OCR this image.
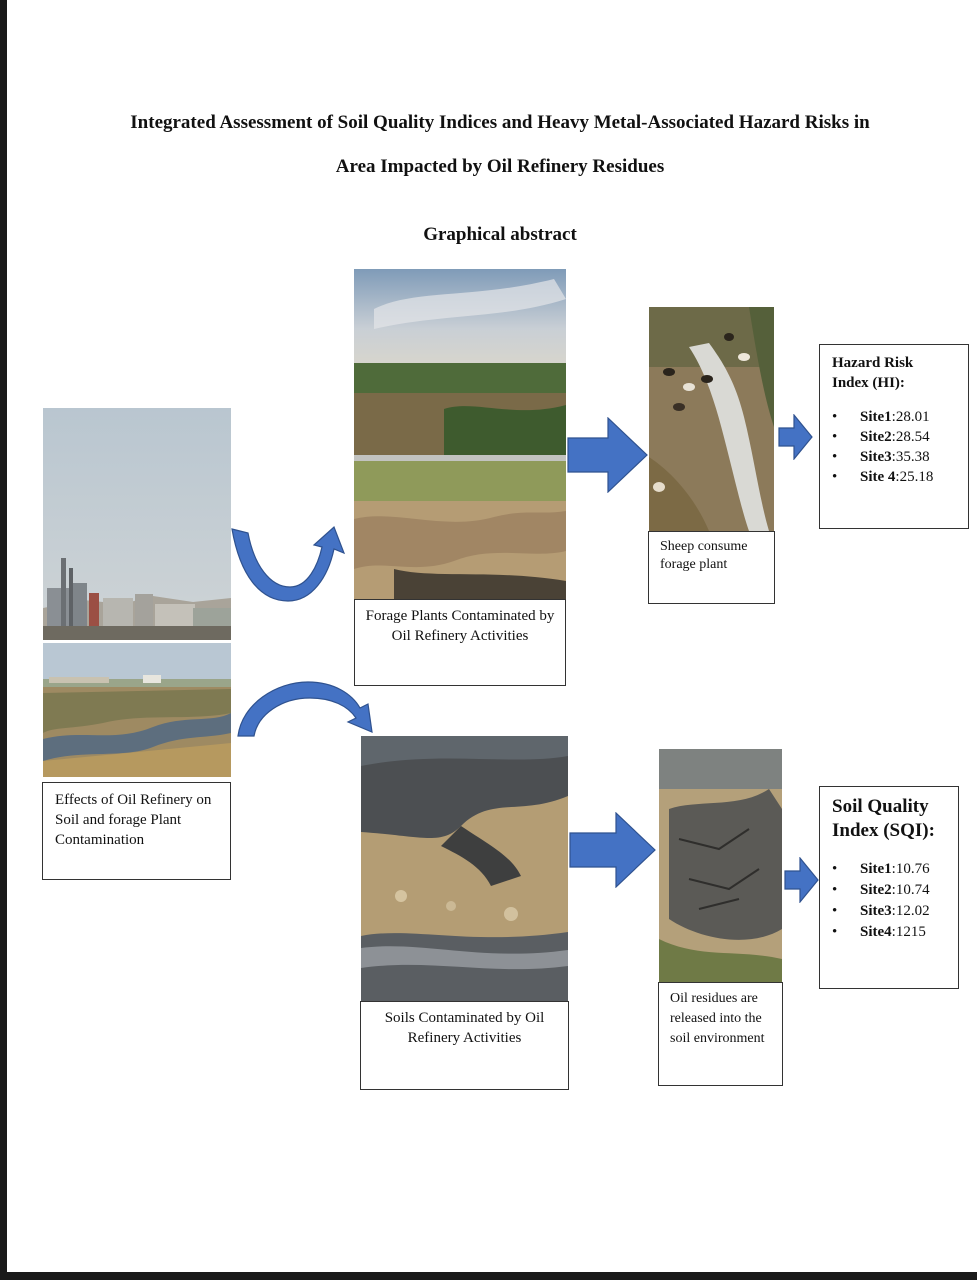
Integrated Assessment of Soil Quality Indices and Heavy Metal-Associated Hazard Risks in
Area Impacted by Oil Refinery Residues
Graphical abstract
Effects of Oil Refinery on Soil and forage Plant Contamination
Forage Plants Contaminated by Oil Refinery Activities
Sheep consume forage plant
Soils Contaminated by Oil Refinery Activities
Oil residues are released into the soil environment
Hazard Risk
Index (HI):
• Site1:28.01
• Site2:28.54
• Site3:35.38
• Site 4:25.18
Soil Quality
Index (SQI):
• Site1:10.76
• Site2:10.74
• Site3:12.02
• Site4:1215
